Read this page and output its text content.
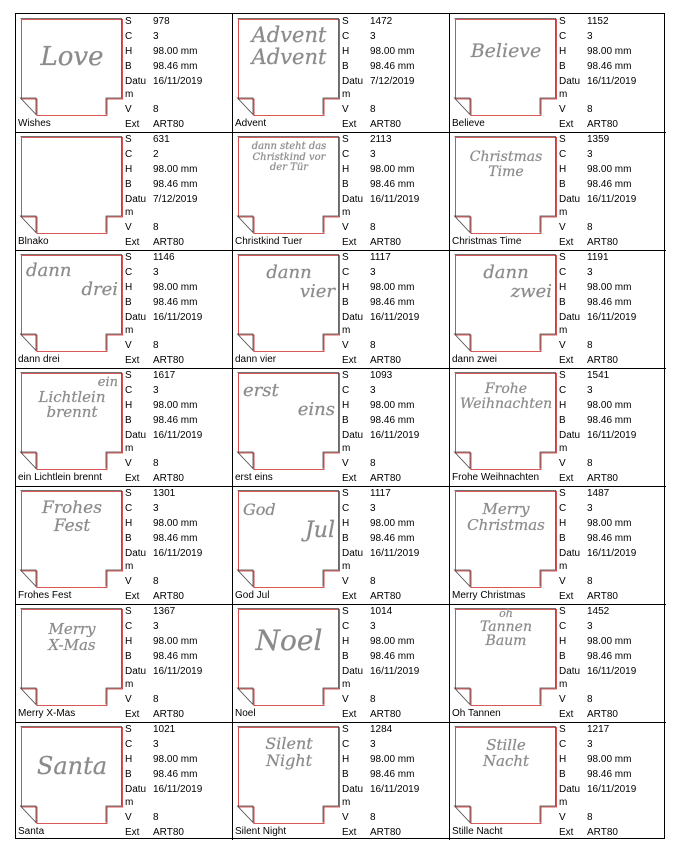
Love
Wishes
S 978
C 3
H 98.00 mm
B 98.46 mm
Datu 16/11/2019
m
V 8
Ext ART80
Advent
Advent
Advent
S 1472
C 3
H 98.00 mm
B 98.46 mm
Datu 7/12/2019
m
V 8
Ext ART80
Believe
Believe
S 1152
C 3
H 98.00 mm
B 98.46 mm
Datu 16/11/2019
m
V 8
Ext ART80
Blnako
S 631
C 2
H 98.00 mm
B 98.46 mm
Datu 7/12/2019
m
V 8
Ext ART80
dann steht das
Christkind vor
der Tür
Christkind Tuer
S 2113
C 3
H 98.00 mm
B 98.46 mm
Datu 16/11/2019
m
V 8
Ext ART80
Christmas
Time
Christmas Time
S 1359
C 3
H 98.00 mm
B 98.46 mm
Datu 16/11/2019
m
V 8
Ext ART80
dann
drei
dann drei
S 1146
C 3
H 98.00 mm
B 98.46 mm
Datu 16/11/2019
m
V 8
Ext ART80
dann
vier
dann vier
S 1117
C 3
H 98.00 mm
B 98.46 mm
Datu 16/11/2019
m
V 8
Ext ART80
dann
zwei
dann zwei
S 1191
C 3
H 98.00 mm
B 98.46 mm
Datu 16/11/2019
m
V 8
Ext ART80
ein
Lichtlein
brennt
ein Lichtlein brennt
S 1617
C 3
H 98.00 mm
B 98.46 mm
Datu 16/11/2019
m
V 8
Ext ART80
erst
eins
erst eins
S 1093
C 3
H 98.00 mm
B 98.46 mm
Datu 16/11/2019
m
V 8
Ext ART80
Frohe
Weihnachten
Frohe Weihnachten
S 1541
C 3
H 98.00 mm
B 98.46 mm
Datu 16/11/2019
m
V 8
Ext ART80
Frohes
Fest
Frohes Fest
S 1301
C 3
H 98.00 mm
B 98.46 mm
Datu 16/11/2019
m
V 8
Ext ART80
God
Jul
God Jul
S 1117
C 3
H 98.00 mm
B 98.46 mm
Datu 16/11/2019
m
V 8
Ext ART80
Merry
Christmas
Merry Christmas
S 1487
C 3
H 98.00 mm
B 98.46 mm
Datu 16/11/2019
m
V 8
Ext ART80
Merry
X-Mas
Merry X-Mas
S 1367
C 3
H 98.00 mm
B 98.46 mm
Datu 16/11/2019
m
V 8
Ext ART80
Noel
Noel
S 1014
C 3
H 98.00 mm
B 98.46 mm
Datu 16/11/2019
m
V 8
Ext ART80
oh
Tannen
Baum
Oh Tannen
S 1452
C 3
H 98.00 mm
B 98.46 mm
Datu 16/11/2019
m
V 8
Ext ART80
Santa
Santa
S 1021
C 3
H 98.00 mm
B 98.46 mm
Datu 16/11/2019
m
V 8
Ext ART80
Silent
Night
Silent Night
S 1284
C 3
H 98.00 mm
B 98.46 mm
Datu 16/11/2019
m
V 8
Ext ART80
Stille
Nacht
Stille Nacht
S 1217
C 3
H 98.00 mm
B 98.46 mm
Datu 16/11/2019
m
V 8
Ext ART80
